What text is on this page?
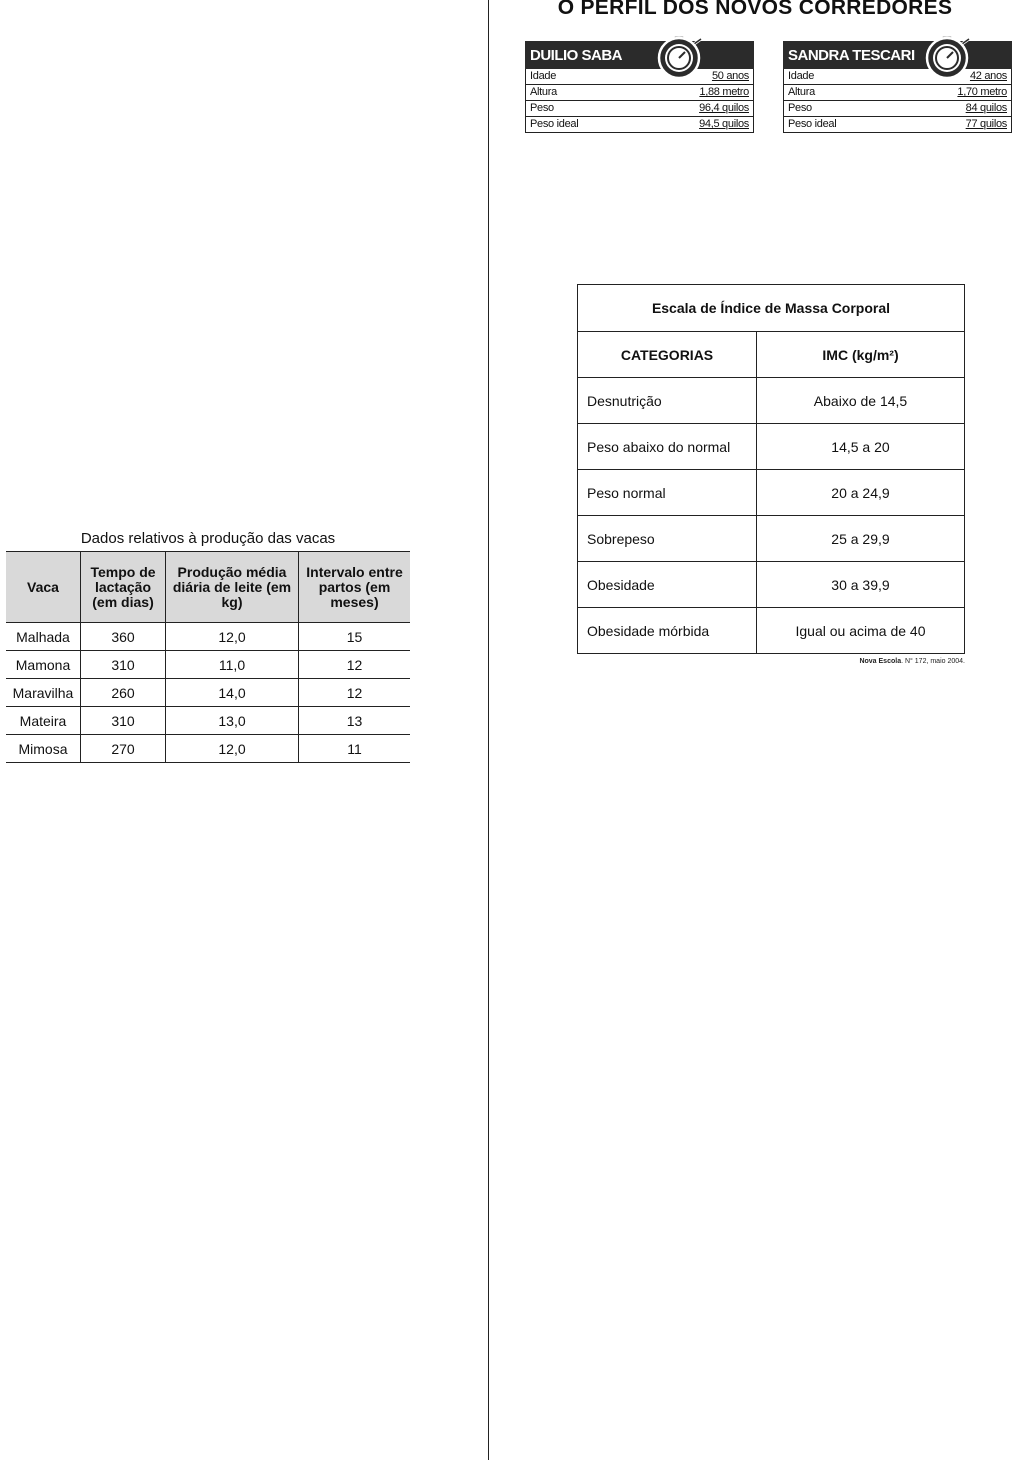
O PERFIL DOS NOVOS CORREDORES
DUILIO SABA
Idade	50 anos
Altura	1,88 metro
Peso	96,4 quilos
Peso ideal	94,5 quilos
SANDRA TESCARI
Idade	42 anos
Altura	1,70 metro
Peso	84 quilos
Peso ideal	77 quilos
Escala de Índice de Massa Corporal	
CATEGORIAS	IMC (kg/m²)
Desnutrição	Abaixo de 14,5
Peso abaixo do normal	14,5 a 20
Peso normal	20 a 24,9
Sobrepeso	25 a 29,9
Obesidade	30 a 39,9
Obesidade mórbida	Igual ou acima de 40
Nova Escola. N° 172, maio 2004.
Dados relativos à produção das vacas
Vaca	Tempo de lactação (em dias)	Produção média diária de leite (em kg)	Intervalo entre partos (em meses)
Malhada	360	12,0	15
Mamona	310	11,0	12
Maravilha	260	14,0	12
Mateira	310	13,0	13
Mimosa	270	12,0	11
